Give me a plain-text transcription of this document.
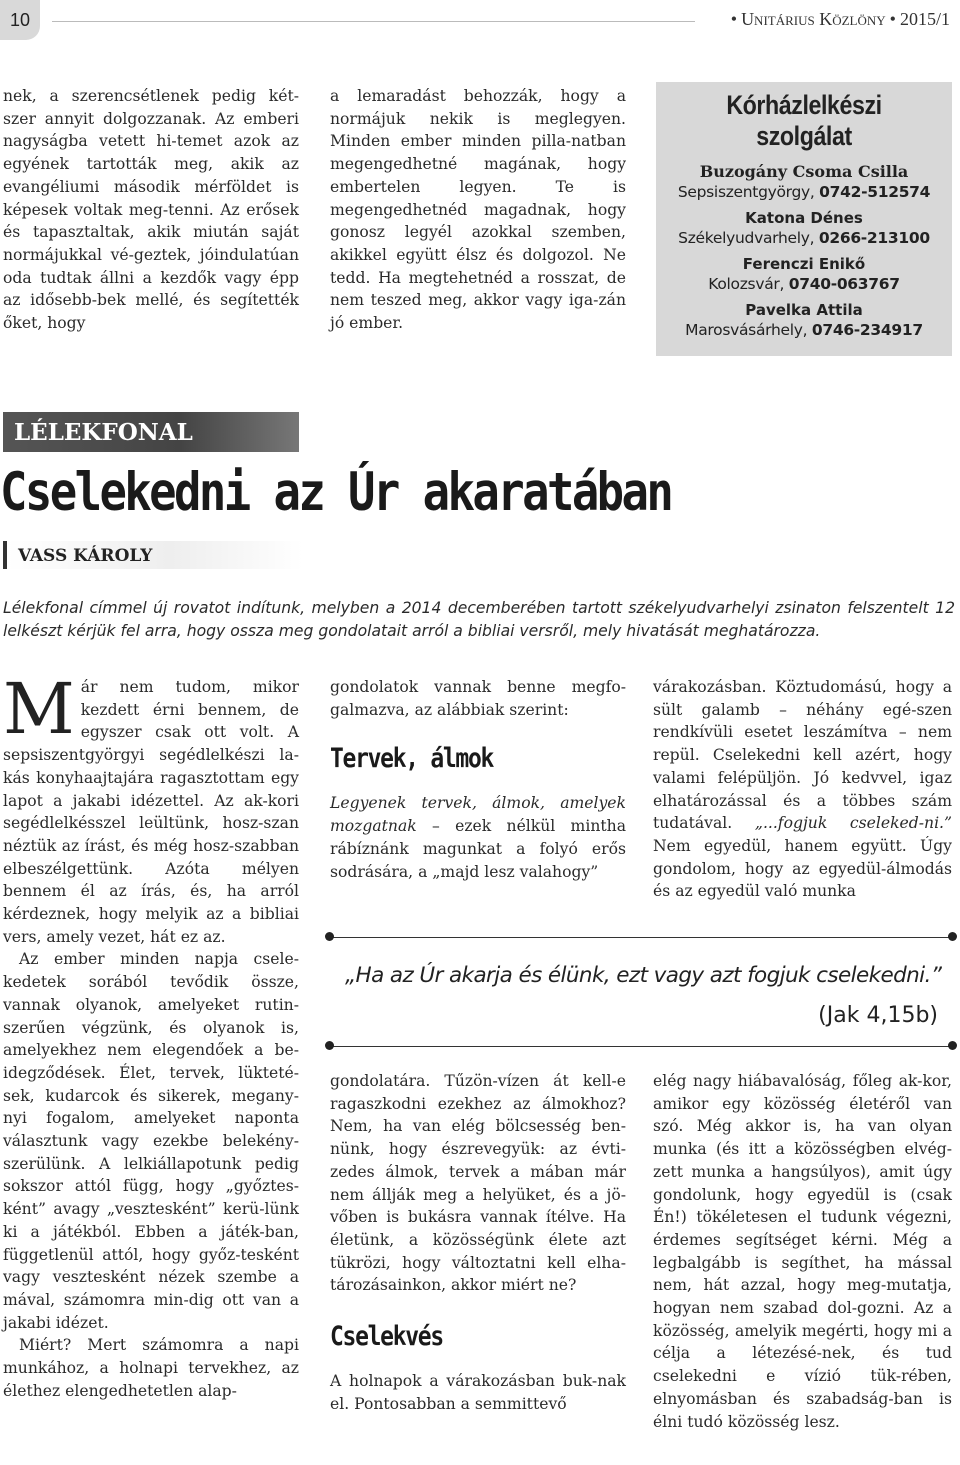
10	• Unitárius Közlöny • 2015/1

nek, a szerencsétlenek pedig két-szer annyit dolgozzanak. Az emberi nagyságba vetett hi-temet azok az egyének tartották meg, akik az evangéliumi második mérföldet is képesek voltak meg-tenni. Az erősek és tapasztaltak, akik miután saját normájukkal vé-geztek, jóindulatúan oda tudtak állni a kezdők vagy épp az idősebb-bek mellé, és segítették őket, hogy

a lemaradást behozzák, hogy a normájuk nekik is meglegyen. Minden ember minden pilla-natban megengedhetné magának, hogy embertelen legyen. Te is megengedhetnéd magadnak, hogy gonosz legyél azokkal szemben, akikkel együtt élsz és dolgozol. Ne tedd. Ha megtehetnéd a rosszat, de nem teszed meg, akkor vagy iga-zán jó ember.

Kórházlelkészi szolgálat
Buzogány Csoma Csilla
Sepsiszentgyörgy, 0742-512574
Katona Dénes
Székelyudvarhely, 0266-213100
Ferenczi Enikő
Kolozsvár, 0740-063767
Pavelka Attila
Marosvásárhely, 0746-234917
LÉLEKFONAL
Cselekedni az Úr akaratában
VASS KÁROLY
Lélekfonal címmel új rovatot indítunk, melyben a 2014 decemberében tartott székelyudvarhelyi zsinaton felszentelt 12 lelkészt kérjük fel arra, hogy ossza meg gondolatait arról a bibliai versről, mely hivatását meghatározza.

Már nem tudom, mikor kezdett érni bennem, de egyszer csak ott volt. A sepsiszentgyörgyi segédlelkészi la-kás konyhaajtajára ragasztottam egy lapot a jakabi idézettel. Az ak-kori segédlelkésszel leültünk, hosz-szan néztük az írást, és még hosz-szabban elbeszélgettünk. Azóta mélyen bennem él az írás, és, ha arról kérdeznek, hogy melyik az a bibliai vers, amely vezet, hát ez az.

Az ember minden napja csele-kedetek sorából tevődik össze, vannak olyanok, amelyeket rutin-szerűen végzünk, és olyanok is, amelyekhez nem elegendőek a be-idegződések. Élet, tervek, lükteté-sek, kudarcok és sikerek, megany-nyi fogalom, amelyeket naponta választunk vagy ezekbe belekény-szerülünk. A lelkiállapotunk pedig sokszor attól függ, hogy „győztes-ként” avagy „vesztesként” kerü-lünk ki a játékból. Ebben a játék-ban, függetlenül attól, hogy győz-tesként vagy vesztesként nézek szembe a mával, számomra min-dig ott van a jakabi idézet.

Miért? Mert számomra a napi munkához, a holnapi tervekhez, az élethez elengedhetetlen alap-

gondolatok vannak benne megfo-galmazva, az alábbiak szerint:

Tervek, álmok

Legyenek tervek, álmok, amelyek mozgatnak – ezek nélkül mintha rábíznánk magunkat a folyó erős sodrására, a „majd lesz valahogy”

várakozásban. Köztudomású, hogy a sült galamb – néhány egé-szen rendkívüli esetet leszámítva – nem repül. Cselekedni kell azért, hogy valami felépüljön. Jó kedvvel, igaz elhatározással és a többes szám tudatával. „...fogjuk cseleked-ni.” Nem egyedül, hanem együtt. Úgy gondolom, hogy az egyedül-álmodás és az egyedül való munka

„Ha az Úr akarja és élünk, ezt vagy azt fogjuk cselekedni.”
(Jak 4,15b)

gondolatára. Tűzön-vízen át kell-e ragaszkodni ezekhez az álmokhoz? Nem, ha van elég bölcsesség ben-nünk, hogy észrevegyük: az évti-zedes álmok, tervek a mában már nem állják meg a helyüket, és a jö-vőben is bukásra vannak ítélve. Ha életünk, a közösségünk élete azt tükrözi, hogy változtatni kell elha-tározásainkon, akkor miért ne?

Cselekvés

A holnapok a várakozásban buk-nak el. Pontosabban a semmittevő

elég nagy hiábavalóság, főleg ak-kor, amikor egy közösség életéről van szó. Még akkor is, ha van olyan munka (és itt a közösségben elvég-zett munka a hangsúlyos), amit úgy gondolunk, hogy egyedül is (csak Én!) tökéletesen el tudunk végezni, érdemes segítséget kérni. Még a legbalgább is segíthet, ha mással nem, hát azzal, hogy meg-mutatja, hogyan nem szabad dol-gozni. Az a közösség, amelyik megérti, hogy mi a célja a létezésé-nek, és tud cselekedni e vízió tük-rében, elnyomásban és szabadság-ban is élni tudó közösség lesz.
